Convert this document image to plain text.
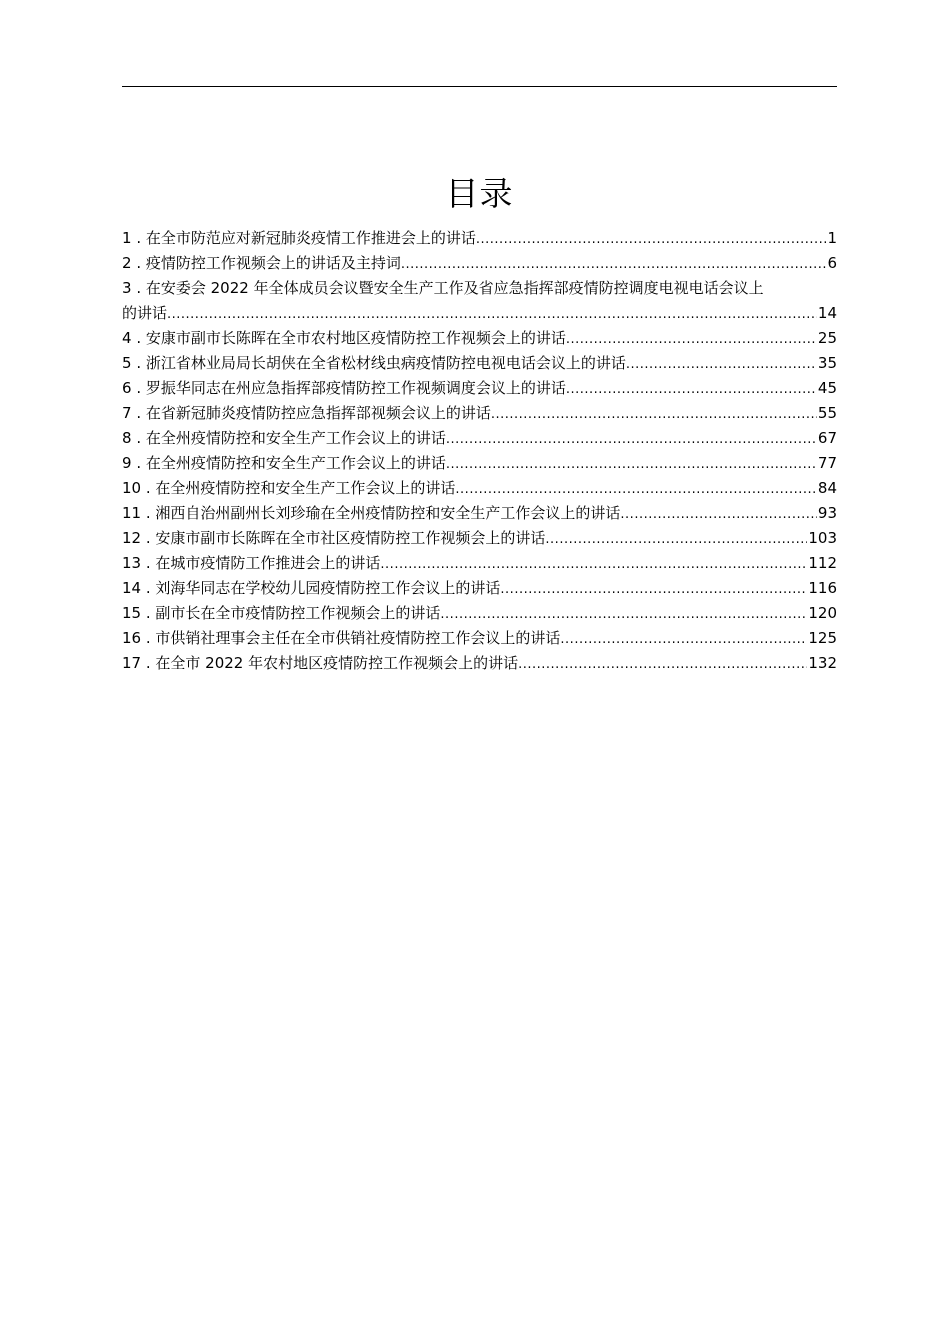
目录
1 . 在全市防范应对新冠肺炎疫情工作推进会上的讲话 .....	1
2 . 疫情防控工作视频会上的讲话及主持词 .....	6
3 . 在安委会 2022 年全体成员会议暨安全生产工作及省应急指挥部疫情防控调度电视电话会议上
的讲话 .....	14
4 . 安康市副市长陈晖在全市农村地区疫情防控工作视频会上的讲话 .....	25
5 . 浙江省林业局局长胡侠在全省松材线虫病疫情防控电视电话会议上的讲话 .....	35
6 . 罗振华同志在州应急指挥部疫情防控工作视频调度会议上的讲话 .....	45
7 . 在省新冠肺炎疫情防控应急指挥部视频会议上的讲话 .....	55
8 . 在全州疫情防控和安全生产工作会议上的讲话 .....	67
9 . 在全州疫情防控和安全生产工作会议上的讲话 .....	77
10 . 在全州疫情防控和安全生产工作会议上的讲话 .....	84
11 . 湘西自治州副州长刘珍瑜在全州疫情防控和安全生产工作会议上的讲话 .....	93
12 . 安康市副市长陈晖在全市社区疫情防控工作视频会上的讲话 .....	103
13 . 在城市疫情防工作推进会上的讲话 .....	112
14 . 刘海华同志在学校幼儿园疫情防控工作会议上的讲话 .....	116
15 . 副市长在全市疫情防控工作视频会上的讲话 .....	120
16 . 市供销社理事会主任在全市供销社疫情防控工作会议上的讲话 .....	125
17 . 在全市 2022 年农村地区疫情防控工作视频会上的讲话 .....	132
